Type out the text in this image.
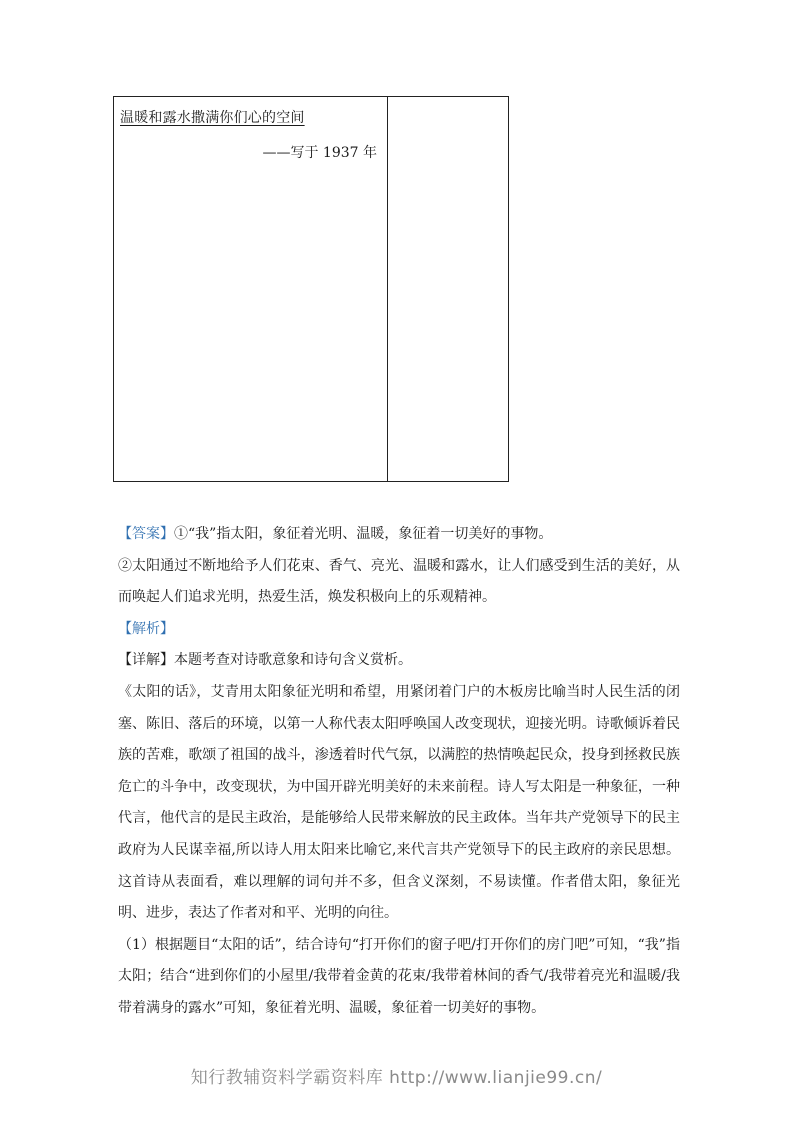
温暖和露水撒满你们心的空间
——写于 1937 年

【答案】①“我”指太阳，象征着光明、温暖，象征着一切美好的事物。

②太阳通过不断地给予人们花束、香气、亮光、温暖和露水，让人们感受到生活的美好，从而唤起人们追求光明，热爱生活，焕发积极向上的乐观精神。

【解析】

【详解】本题考查对诗歌意象和诗句含义赏析。

《太阳的话》，艾青用太阳象征光明和希望，用紧闭着门户的木板房比喻当时人民生活的闭塞、陈旧、落后的环境，以第一人称代表太阳呼唤国人改变现状，迎接光明。诗歌倾诉着民族的苦难，歌颂了祖国的战斗，渗透着时代气氛，以满腔的热情唤起民众，投身到拯救民族危亡的斗争中，改变现状，为中国开辟光明美好的未来前程。诗人写太阳是一种象征，一种代言，他代言的是民主政治，是能够给人民带来解放的民主政体。当年共产党领导下的民主政府为人民谋幸福,所以诗人用太阳来比喻它,来代言共产党领导下的民主政府的亲民思想。这首诗从表面看，难以理解的词句并不多，但含义深刻，不易读懂。作者借太阳，象征光明、进步，表达了作者对和平、光明的向往。

（1）根据题目“太阳的话”，结合诗句“打开你们的窗子吧/打开你们的房门吧”可知，“我”指太阳；结合“进到你们的小屋里/我带着金黄的花束/我带着林间的香气/我带着亮光和温暖/我带着满身的露水”可知，象征着光明、温暖，象征着一切美好的事物。

知行教辅资料学霸资料库 http://www.lianjie99.cn/
